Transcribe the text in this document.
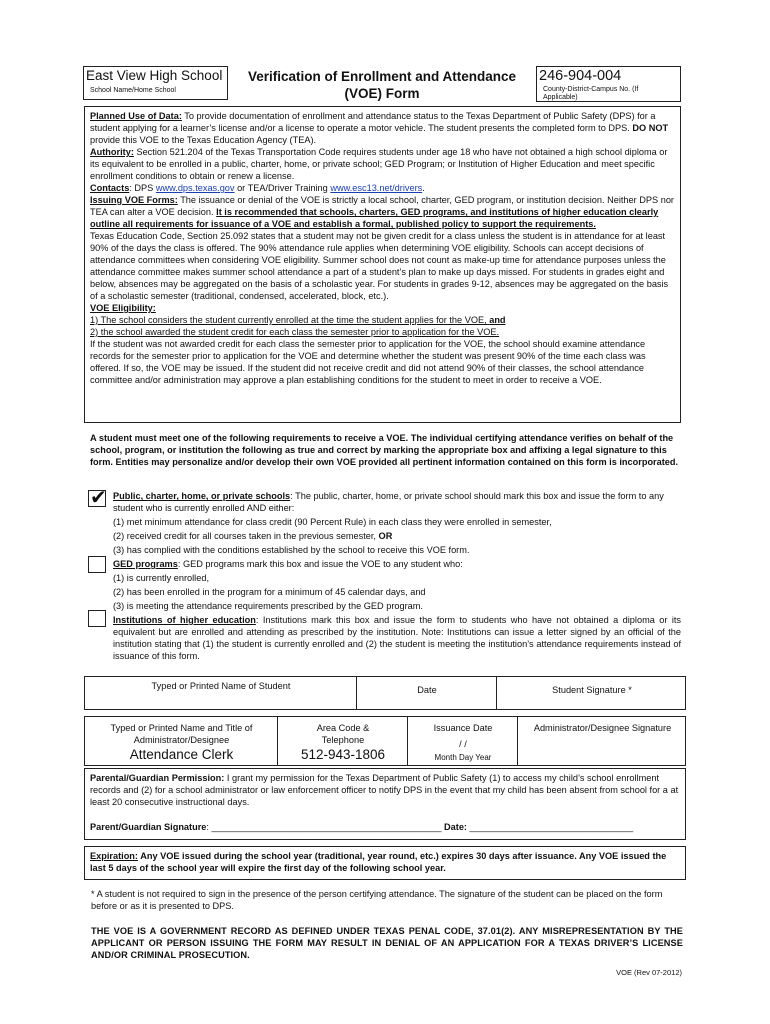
East View High School
School Name/Home School
Verification of Enrollment and Attendance
(VOE) Form
246-904-004
County-District-Campus No. (If Applicable)

Planned Use of Data: To provide documentation of enrollment and attendance status to the Texas Department of Public Safety (DPS) for a student applying for a learner’s license and/or a license to operate a motor vehicle. The student presents the completed form to DPS. DO NOT provide this VOE to the Texas Education Agency (TEA).

Authority: Section 521.204 of the Texas Transportation Code requires students under age 18 who have not obtained a high school diploma or its equivalent to be enrolled in a public, charter, home, or private school; GED Program; or Institution of Higher Education and meet specific enrollment conditions to obtain or renew a license.

Contacts: DPS www.dps.texas.gov or TEA/Driver Training www.esc13.net/drivers.

Issuing VOE Forms: The issuance or denial of the VOE is strictly a local school, charter, GED program, or institution decision. Neither DPS nor TEA can alter a VOE decision. It is recommended that schools, charters, GED programs, and institutions of higher education clearly outline all requirements for issuance of a VOE and establish a formal, published policy to support the requirements.

Texas Education Code, Section 25.092 states that a student may not be given credit for a class unless the student is in attendance for at least 90% of the days the class is offered. The 90% attendance rule applies when determining VOE eligibility. Schools can accept decisions of attendance committees when considering VOE eligibility. Summer school does not count as make-up time for attendance purposes unless the attendance committee makes summer school attendance a part of a student’s plan to make up days missed. For students in grades eight and below, absences may be aggregated on the basis of a scholastic year. For students in grades 9-12, absences may be aggregated on the basis of a scholastic semester (traditional, condensed, accelerated, block, etc.).

VOE Eligibility:

1) The school considers the student currently enrolled at the time the student applies for the VOE, and

2) the school awarded the student credit for each class the semester prior to application for the VOE.

If the student was not awarded credit for each class the semester prior to application for the VOE, the school should examine attendance records for the semester prior to application for the VOE and determine whether the student was present 90% of the time each class was offered. If so, the VOE may be issued. If the student did not receive credit and did not attend 90% of their classes, the school attendance committee and/or administration may approve a plan establishing conditions for the student to meet in order to receive a VOE.

A student must meet one of the following requirements to receive a VOE. The individual certifying attendance verifies on behalf of the school, program, or institution the following as true and correct by marking the appropriate box and affixing a legal signature to this form. Entities may personalize and/or develop their own VOE provided all pertinent information contained on this form is incorporated.
✔ Public, charter, home, or private schools: The public, charter, home, or private school should mark this box and issue the form to any student who is currently enrolled AND either:

(1) met minimum attendance for class credit (90 Percent Rule) in each class they were enrolled in semester,

(2) received credit for all courses taken in the previous semester, OR

(3) has complied with the conditions established by the school to receive this VOE form.

GED programs: GED programs mark this box and issue the VOE to any student who:

(1) is currently enrolled,

(2) has been enrolled in the program for a minimum of 45 calendar days, and

(3) is meeting the attendance requirements prescribed by the GED program.

Institutions of higher education: Institutions mark this box and issue the form to students who have not obtained a diploma or its equivalent but are enrolled and attending as prescribed by the institution. Note: Institutions can issue a letter signed by an official of the institution stating that (1) the student is currently enrolled and (2) the student is meeting the institution’s attendance requirements instead of issuance of this form.

Typed or Printed Name of Student	Date	Student Signature *
Typed or Printed Name and Title of Administrator/Designee
Attendance Clerk
Area Code & Telephone
512-943-1806
Issuance Date
/ /
Month Day Year
Administrator/Designee Signature
Parental/Guardian Permission: I grant my permission for the Texas Department of Public Safety (1) to access my child’s school enrollment records and (2) for a school administrator or law enforcement officer to notify DPS in the event that my child has been absent from school for a at least 20 consecutive instructional days.
Parent/Guardian Signature: _____________________________________________ Date: ________________________________
Expiration: Any VOE issued during the school year (traditional, year round, etc.) expires 30 days after issuance. Any VOE issued the last 5 days of the school year will expire the first day of the following school year.
* A student is not required to sign in the presence of the person certifying attendance. The signature of the student can be placed on the form before or as it is presented to DPS.
THE VOE IS A GOVERNMENT RECORD AS DEFINED UNDER TEXAS PENAL CODE, 37.01(2). ANY MISREPRESENTATION BY THE APPLICANT OR PERSON ISSUING THE FORM MAY RESULT IN DENIAL OF AN APPLICATION FOR A TEXAS DRIVER’S LICENSE AND/OR CRIMINAL PROSECUTION.
VOE (Rev 07-2012)
